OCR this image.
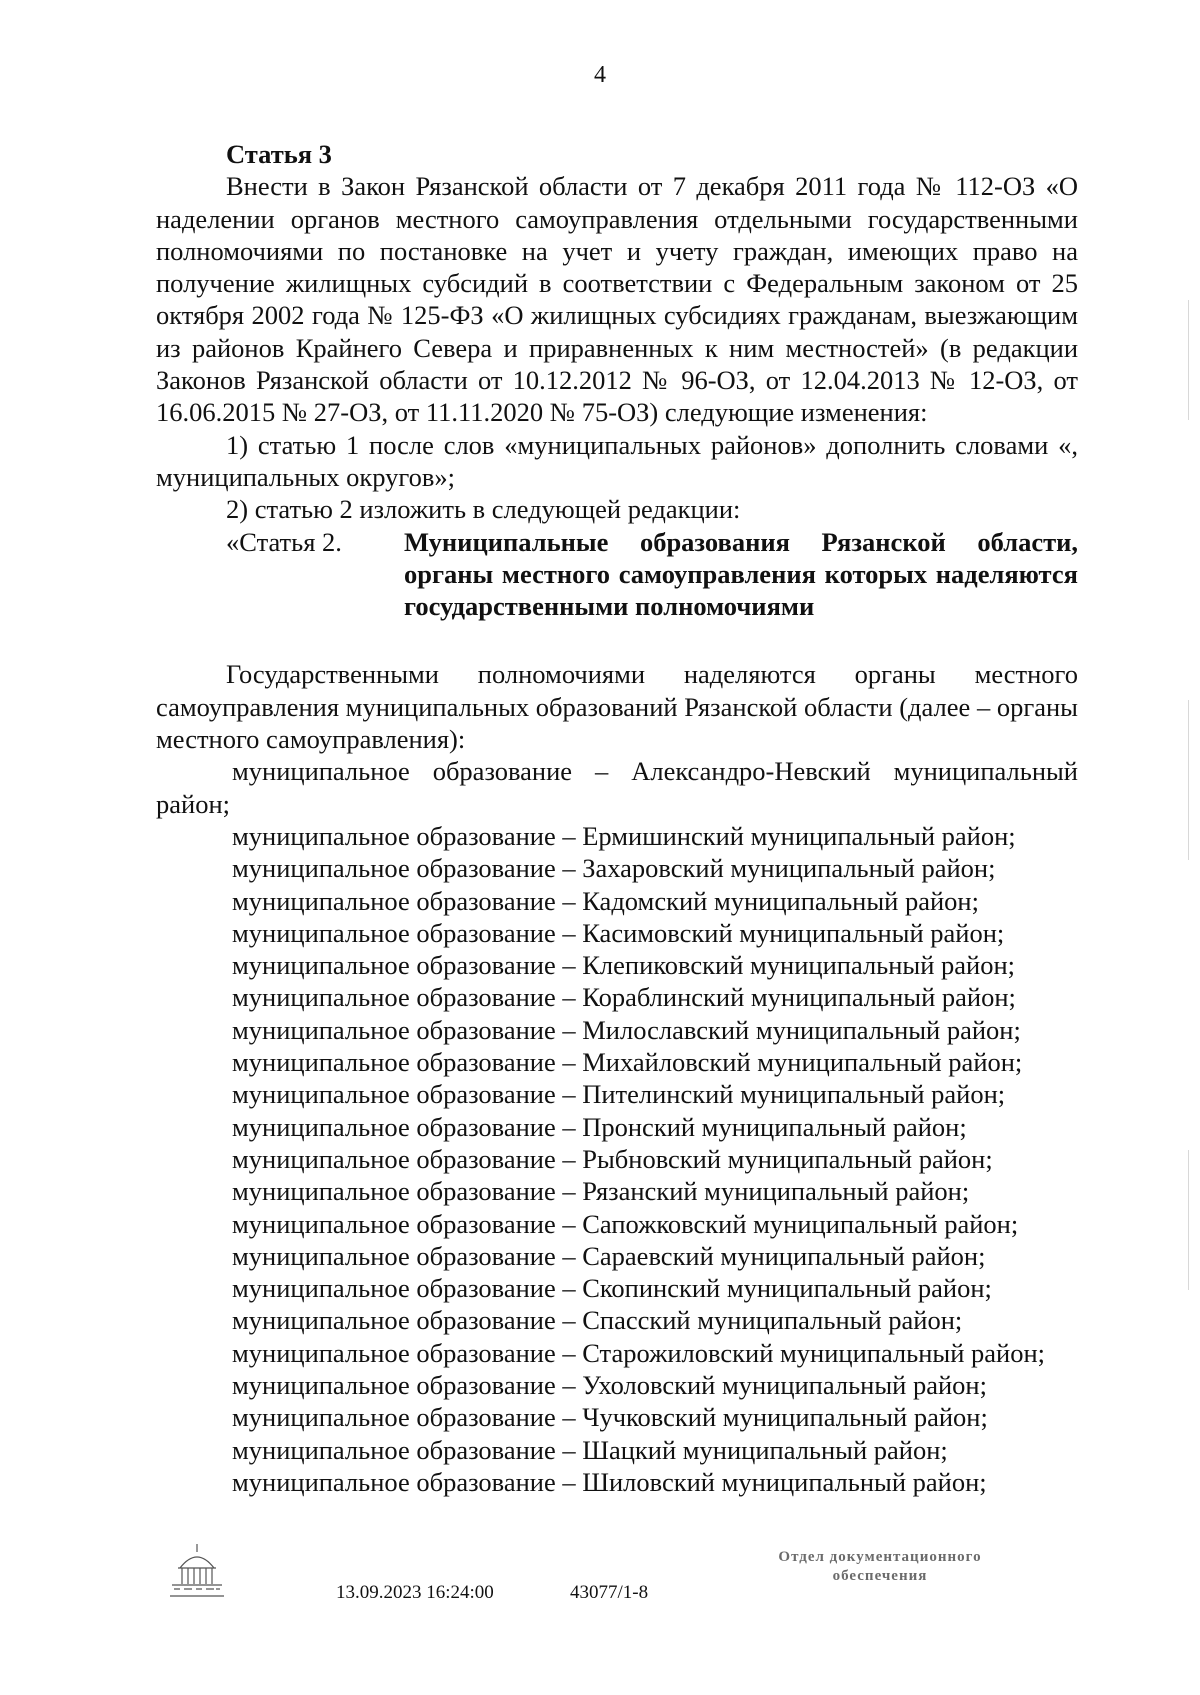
4
Статья 3
Внести в Закон Рязанской области от 7 декабря 2011 года № 112-ОЗ «О наделении органов местного самоуправления отдельными государственными полномочиями по постановке на учет и учету граждан, имеющих право на получение жилищных субсидий в соответствии с Федеральным законом от 25 октября 2002 года № 125-ФЗ «О жилищных субсидиях гражданам, выезжающим из районов Крайнего Севера и приравненных к ним местностей» (в редакции Законов Рязанской области от 10.12.2012 № 96-ОЗ, от 12.04.2013 № 12-ОЗ, от 16.06.2015 № 27-ОЗ, от 11.11.2020 № 75-ОЗ) следующие изменения:
1) статью 1 после слов «муниципальных районов» дополнить словами «, муниципальных округов»;
2) статью 2 изложить в следующей редакции:
«Статья 2.	Муниципальные образования Рязанской области, органы местного самоуправления которых наделяются государственными полномочиями
Государственными полномочиями наделяются органы местного самоуправления муниципальных образований Рязанской области (далее – органы местного самоуправления):
муниципальное образование – Александро-Невский муниципальный район;
муниципальное образование – Ермишинский муниципальный район;
муниципальное образование – Захаровский муниципальный район;
муниципальное образование – Кадомский муниципальный район;
муниципальное образование – Касимовский муниципальный район;
муниципальное образование – Клепиковский муниципальный район;
муниципальное образование – Кораблинский муниципальный район;
муниципальное образование – Милославский муниципальный район;
муниципальное образование – Михайловский муниципальный район;
муниципальное образование – Пителинский муниципальный район;
муниципальное образование – Пронский муниципальный район;
муниципальное образование – Рыбновский муниципальный район;
муниципальное образование – Рязанский муниципальный район;
муниципальное образование – Сапожковский муниципальный район;
муниципальное образование – Сараевский муниципальный район;
муниципальное образование – Скопинский муниципальный район;
муниципальное образование – Спасский муниципальный район;
муниципальное образование – Старожиловский муниципальный район;
муниципальное образование – Ухоловский муниципальный район;
муниципальное образование – Чучковский муниципальный район;
муниципальное образование – Шацкий муниципальный район;
муниципальное образование – Шиловский муниципальный район;
13.09.2023 16:24:00	43077/1-8
Отдел документационного
обеспечения
